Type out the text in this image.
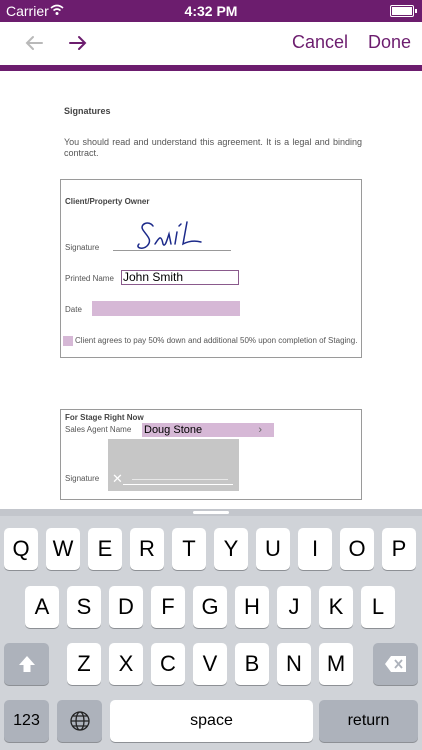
Carrier	4:32 PM
Cancel Done
Signatures
You should read and understand this agreement. It is a legal and binding contract.
Client/Property Owner
Signature
Printed Name John Smith
Date
Client agrees to pay 50% down and additional 50% upon completion of Staging.
For Stage Right Now
Sales Agent Name Doug Stone	›
Signature ✕
Q	W	E	R	T	Y	U	I	O	P
A	S	D	F	G	H	J	K	L
Z	X	C	V	B	N	M
123	space	return
